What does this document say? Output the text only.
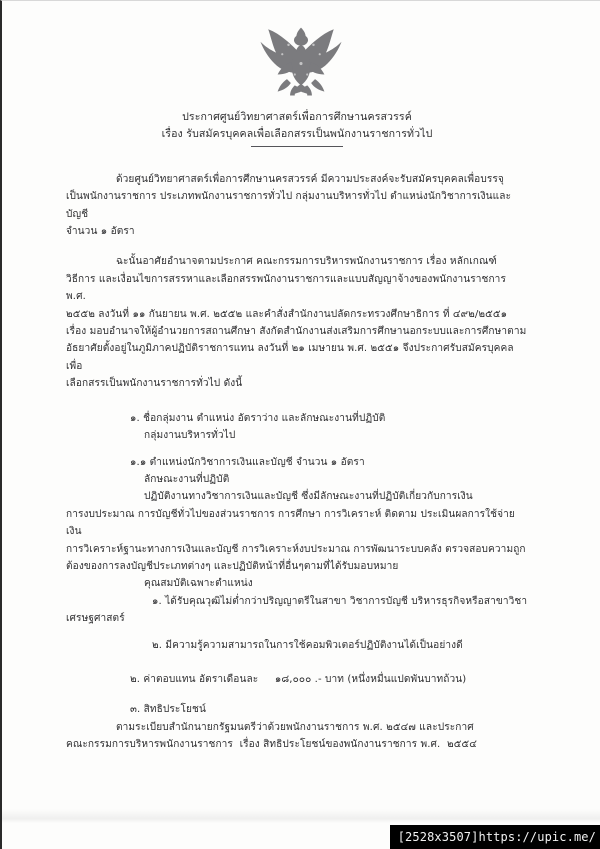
ประกาศศูนย์วิทยาศาสตร์เพื่อการศึกษานครสวรรค์
เรื่อง รับสมัครบุคคลเพื่อเลือกสรรเป็นพนักงานราชการทั่วไป
ด้วยศูนย์วิทยาศาสตร์เพื่อการศึกษานครสวรรค์ มีความประสงค์จะรับสมัครบุคคลเพื่อบรรจุ
เป็นพนักงานราชการ ประเภทพนักงานราชการทั่วไป กลุ่มงานบริหารทั่วไป ตำแหน่งนักวิชาการเงินและบัญชี
จำนวน ๑ อัตรา
ฉะนั้นอาศัยอำนาจตามประกาศ คณะกรรมการบริหารพนักงานราชการ เรื่อง หลักเกณฑ์
วิธีการ และเงื่อนไขการสรรหาและเลือกสรรพนักงานราชการและแบบสัญญาจ้างของพนักงานราชการ พ.ศ.
๒๕๕๒ ลงวันที่ ๑๑ กันยายน พ.ศ. ๒๕๕๒ และคำสั่งสำนักงานปลัดกระทรวงศึกษาธิการ ที่ ๔๙๒/๒๕๕๑
เรื่อง มอบอำนาจให้ผู้อำนวยการสถานศึกษา สังกัดสำนักงานส่งเสริมการศึกษานอกระบบและการศึกษาตาม
อัธยาศัยตั้งอยู่ในภูมิภาคปฏิบัติราชการแทน ลงวันที่ ๒๑ เมษายน พ.ศ. ๒๕๕๑ จึงประกาศรับสมัครบุคคลเพื่อ
เลือกสรรเป็นพนักงานราชการทั่วไป ดังนี้
๑. ชื่อกลุ่มงาน ตำแหน่ง อัตราว่าง และลักษณะงานที่ปฏิบัติ
กลุ่มงานบริหารทั่วไป
๑.๑ ตำแหน่งนักวิชาการเงินและบัญชี จำนวน ๑ อัตรา
ลักษณะงานที่ปฏิบัติ
ปฏิบัติงานทางวิชาการเงินและบัญชี ซึ่งมีลักษณะงานที่ปฏิบัติเกี่ยวกับการเงิน
การงบประมาณ การบัญชีทั่วไปของส่วนราชการ การศึกษา การวิเคราะห์ ติดตาม ประเมินผลการใช้จ่ายเงิน
การวิเคราะห์ฐานะทางการเงินและบัญชี การวิเคราะห์งบประมาณ การพัฒนาระบบคลัง ตรวจสอบความถูก
ต้องของการลงบัญชีประเภทต่างๆ และปฏิบัติหน้าที่อื่นๆตามที่ได้รับมอบหมาย
คุณสมบัติเฉพาะตำแหน่ง
๑. ได้รับคุณวุฒิไม่ต่ำกว่าปริญญาตรีในสาขา วิชาการบัญชี บริหารธุรกิจหรือสาขาวิชา
เศรษฐศาสตร์
๒. มีความรู้ความสามารถในการใช้คอมพิวเตอร์ปฏิบัติงานได้เป็นอย่างดี
๒. ค่าตอบแทน อัตราเดือนละ ๑๘,๐๐๐ .- บาท (หนึ่งหมื่นแปดพันบาทถ้วน)
๓. สิทธิประโยชน์
ตามระเบียบสำนักนายกรัฐมนตรีว่าด้วยพนักงานราชการ พ.ศ. ๒๕๔๗ และประกาศ
คณะกรรมการบริหารพนักงานราชการ  เรื่อง สิทธิประโยชน์ของพนักงานราชการ พ.ศ.  ๒๕๕๔
[2528x3507]https://upic.me/
